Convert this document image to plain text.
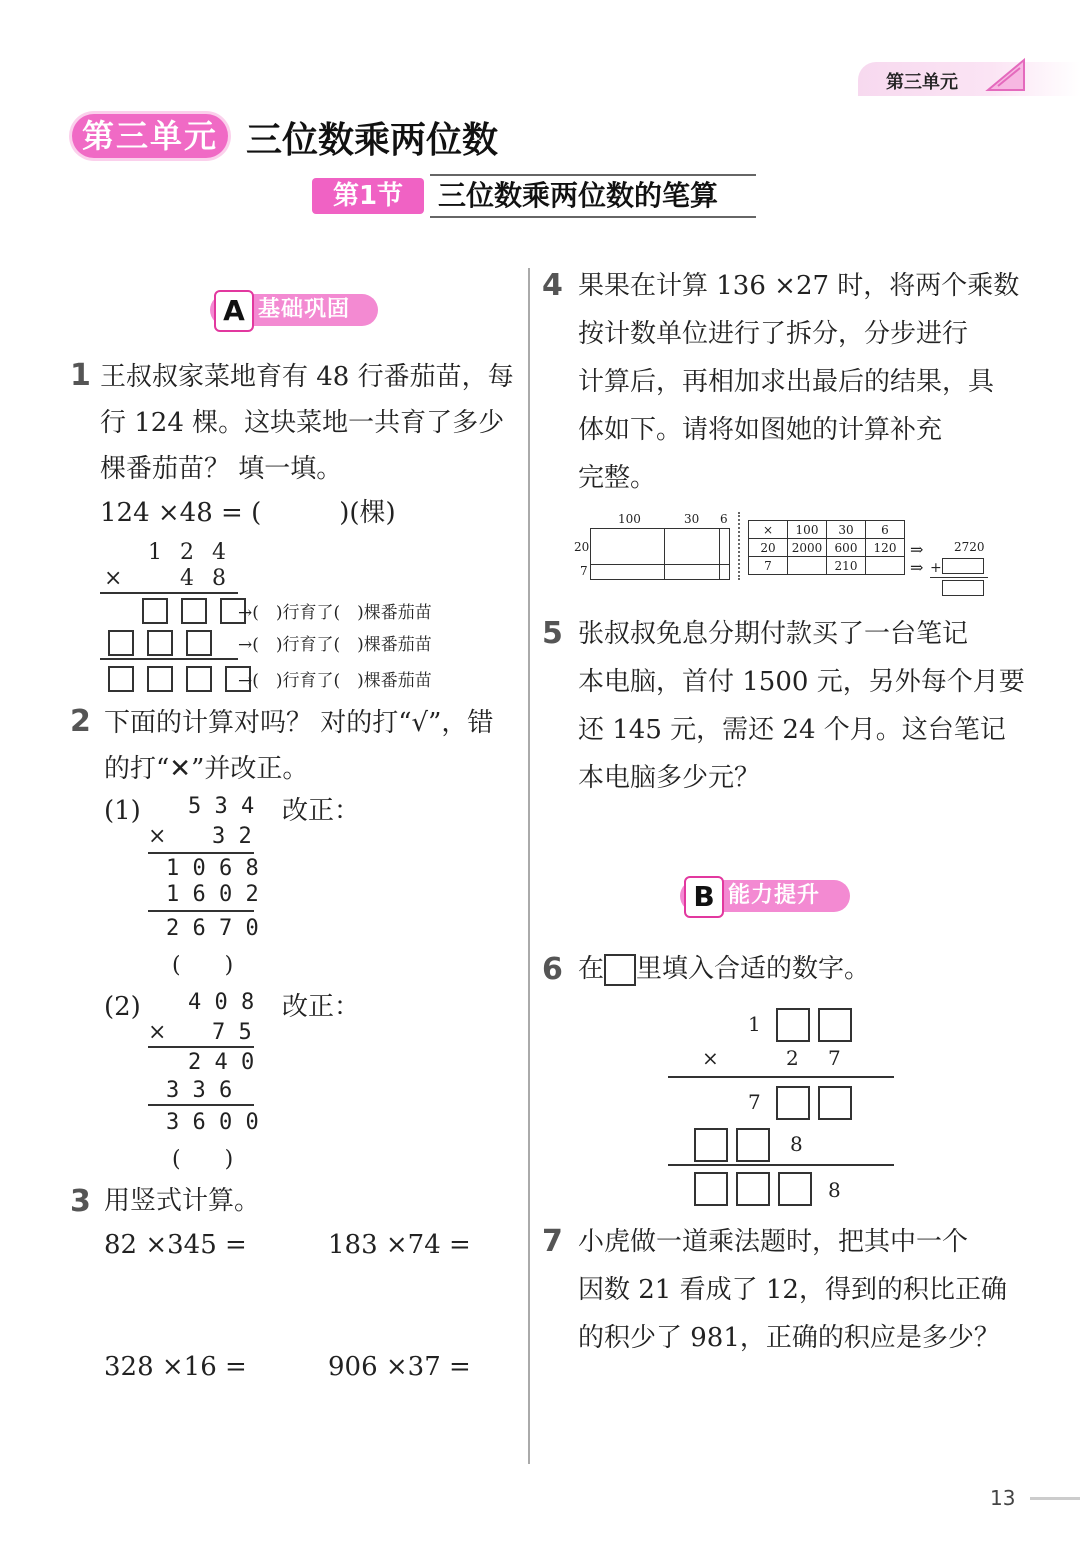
第三单元
第三单元 三位数乘两位数
第1节	三位数乘两位数的笔算
A 基础巩固
1 王叔叔家菜地育有 48 行番茄苗，每
行 124 棵。这块菜地一共育了多少
棵番茄苗？ 填一填。
124 ×48 = (　　　)(棵)
1 2 4
×	4 8

→(　)行育了(　)棵番茄苗

→(　)行育了(　)棵番茄苗

→(　)行育了(　)棵番茄苗
2 下面的计算对吗？ 对的打“√”，错
的打“✕”并改正。
(1) 5 3 4
× 3 2
1 0 6 8
1 6 0 2
2 6 7 0
(　　)
改正：
(2) 4 0 8
× 7 5
2 4 0
3 3 6
3 6 0 0
(　　)
改正：
3 用竖式计算。
82 ×345 =	183 ×74 =
328 ×16 =	906 ×37 =
4 果果在计算 136 ×27 时，将两个乘数
按计数单位进行了拆分，分步进行
计算后，再相加求出最后的结果，具
体如下。请将如图她的计算补充
完整。
100	30 6
20
7
×	100	30	6
20	2000	600	120
7		210	
⇒
⇒
2720
+
5 张叔叔免息分期付款买了一台笔记
本电脑，首付 1500 元，另外每个月要
还 145 元，需还 24 个月。这台笔记
本电脑多少元？
B 能力提升
6 在 里填入合适的数字。
1
×	2 7
7
8
8
7 小虎做一道乘法题时，把其中一个
因数 21 看成了 12，得到的积比正确
的积少了 981，正确的积应是多少？
13
